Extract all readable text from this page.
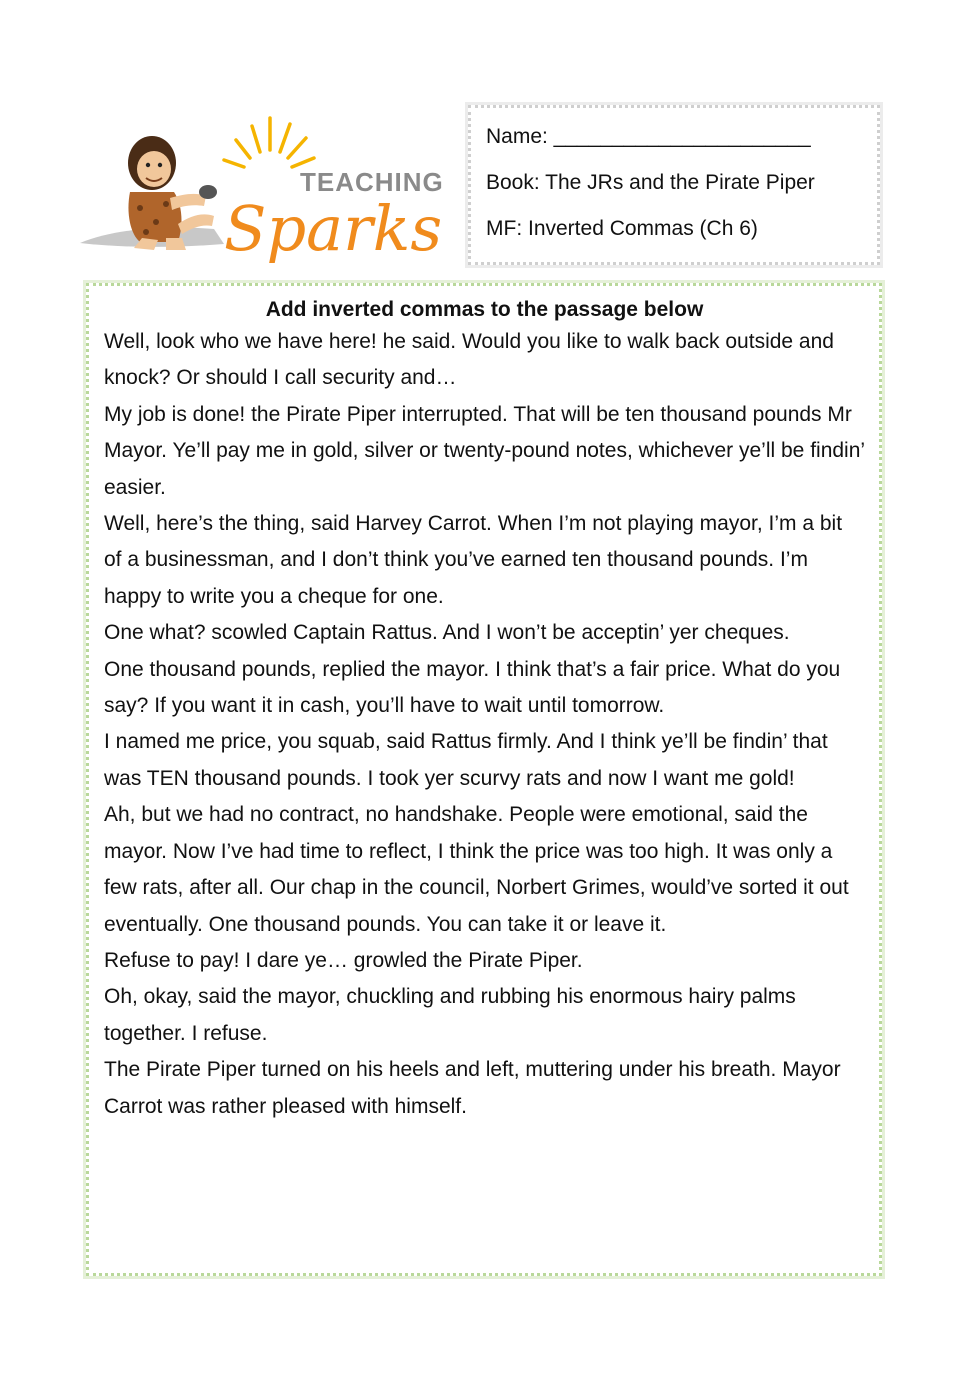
TEACHING
Sparks
Name: ______________________
Book: The JRs and the Pirate Piper
MF: Inverted Commas (Ch 6)

Add inverted commas to the passage below

Well, look who we have here! he said. Would you like to walk back outside and knock? Or should I call security and…

My job is done! the Pirate Piper interrupted. That will be ten thousand pounds Mr Mayor. Ye’ll pay me in gold, silver or twenty-pound notes, whichever ye’ll be findin’ easier.

Well, here’s the thing, said Harvey Carrot. When I’m not playing mayor, I’m a bit of a businessman, and I don’t think you’ve earned ten thousand pounds. I’m happy to write you a cheque for one.

One what? scowled Captain Rattus. And I won’t be acceptin’ yer cheques.

One thousand pounds, replied the mayor. I think that’s a fair price. What do you say? If you want it in cash, you’ll have to wait until tomorrow.

I named me price, you squab, said Rattus firmly. And I think ye’ll be findin’ that was TEN thousand pounds. I took yer scurvy rats and now I want me gold!

Ah, but we had no contract, no handshake. People were emotional, said the mayor. Now I’ve had time to reflect, I think the price was too high. It was only a few rats, after all. Our chap in the council, Norbert Grimes, would’ve sorted it out eventually. One thousand pounds. You can take it or leave it.

Refuse to pay! I dare ye… growled the Pirate Piper.

Oh, okay, said the mayor, chuckling and rubbing his enormous hairy palms together. I refuse.

The Pirate Piper turned on his heels and left, muttering under his breath. Mayor Carrot was rather pleased with himself.
